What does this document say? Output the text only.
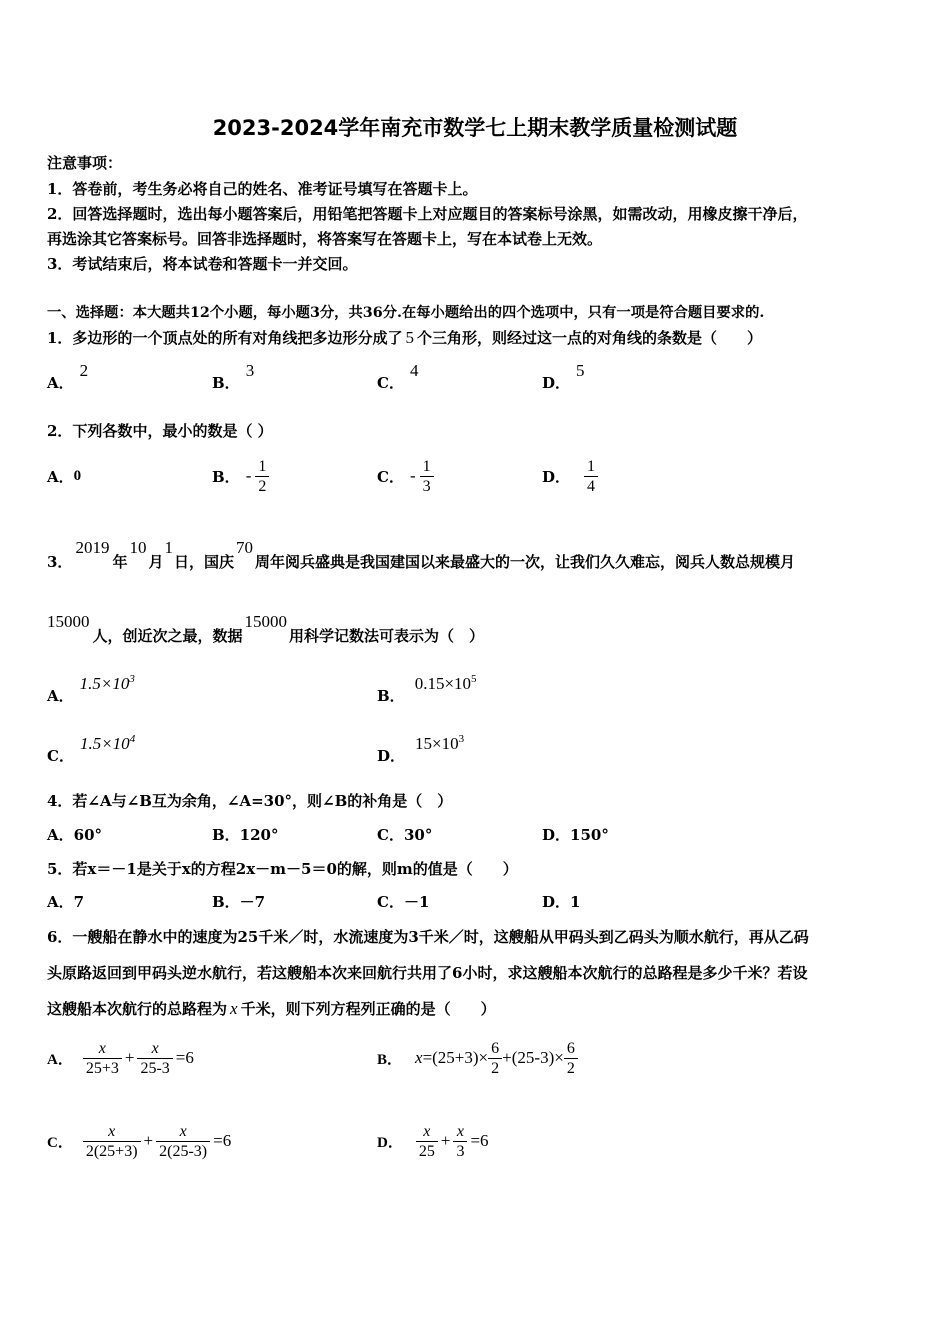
2023-2024学年南充市数学七上期末教学质量检测试题
注意事项：
1．答卷前，考生务必将自己的姓名、准考证号填写在答题卡上。
2．回答选择题时，选出每小题答案后，用铅笔把答题卡上对应题目的答案标号涂黑，如需改动，用橡皮擦干净后，
再选涂其它答案标号。回答非选择题时，将答案写在答题卡上，写在本试卷上无效。
3．考试结束后，将本试卷和答题卡一并交回。
一、选择题：本大题共12个小题，每小题3分，共36分.在每小题给出的四个选项中，只有一项是符合题目要求的.
1．多边形的一个顶点处的所有对角线把多边形分成了 5 个三角形，则经过这一点的对角线的条数是（　　）
A．2
B．3
C．4
D．5
2．下列各数中，最小的数是（ ）
A． 0	B． - $\frac{1}{2}$	C． - $\frac{1}{3}$	D． $\frac{1}{4}$
3．2019年10月1日，国庆70周年阅兵盛典是我国建国以来最盛大的一次，让我们久久难忘，阅兵人数总规模月
15000人，创近次之最，数据15000用科学记数法可表示为（　）
A．$1.5\times 10^3$
B．$0.15\times 10^5$
C．$1.5\times 10^4$
D．$15\times 10^3$
4．若∠A与∠B互为余角，∠A=30°，则∠B的补角是（　）
A．60°	B．120°	C．30°	D．150°
5．若x＝－1是关于x的方程2x－m－5＝0的解，则m的值是（　　）
A．7	B．－7	C．－1	D．1
6．一艘船在静水中的速度为25千米／时，水流速度为3千米／时，这艘船从甲码头到乙码头为顺水航行，再从乙码
头原路返回到甲码头逆水航行，若这艘船本次来回航行共用了6小时，求这艘船本次航行的总路程是多少千米？若设
这艘船本次航行的总路程为 x 千米，则下列方程列正确的是（　　）
A． $\frac{x}{25+3} + \frac{x}{25-3} =6$	B． $x =(25+3)\times \frac{6}{2} +(25-3)\times \frac{6}{2}$
C． $\frac{x}{2(25+3)} + \frac{x}{2(25-3)} =6$	D． $\frac{x}{25} + \frac{x}{3} =6$
